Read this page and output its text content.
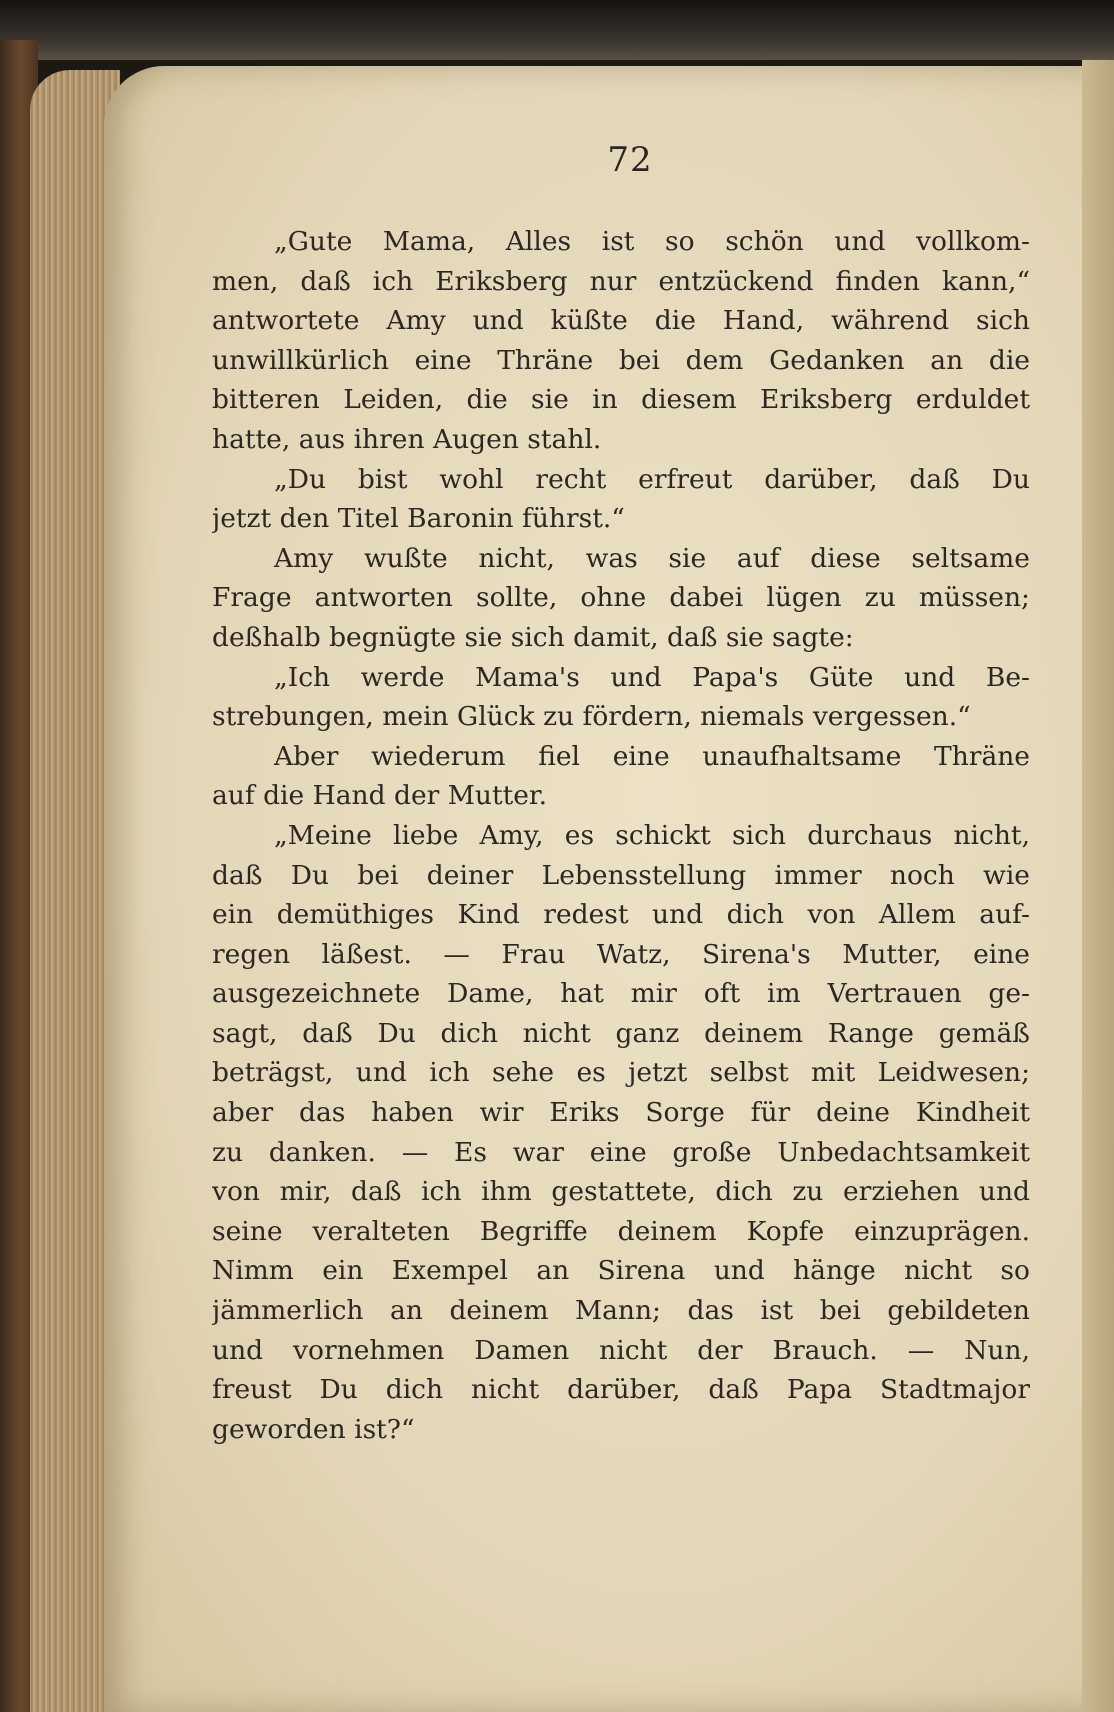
72
„Gute Mama, Alles ist so schön und vollkom-
men, daß ich Eriksberg nur entzückend finden kann,“
antwortete Amy und küßte die Hand, während sich
unwillkürlich eine Thräne bei dem Gedanken an die
bitteren Leiden, die sie in diesem Eriksberg erduldet
hatte, aus ihren Augen stahl.
„Du bist wohl recht erfreut darüber, daß Du
jetzt den Titel Baronin führst.“
Amy wußte nicht, was sie auf diese seltsame
Frage antworten sollte, ohne dabei lügen zu müssen;
deßhalb begnügte sie sich damit, daß sie sagte:
„Ich werde Mama's und Papa's Güte und Be-
strebungen, mein Glück zu fördern, niemals vergessen.“
Aber wiederum fiel eine unaufhaltsame Thräne
auf die Hand der Mutter.
„Meine liebe Amy, es schickt sich durchaus nicht,
daß Du bei deiner Lebensstellung immer noch wie
ein demüthiges Kind redest und dich von Allem auf-
regen läßest. — Frau Watz, Sirena's Mutter, eine
ausgezeichnete Dame, hat mir oft im Vertrauen ge-
sagt, daß Du dich nicht ganz deinem Range gemäß
beträgst, und ich sehe es jetzt selbst mit Leidwesen;
aber das haben wir Eriks Sorge für deine Kindheit
zu danken. — Es war eine große Unbedachtsamkeit
von mir, daß ich ihm gestattete, dich zu erziehen und
seine veralteten Begriffe deinem Kopfe einzuprägen.
Nimm ein Exempel an Sirena und hänge nicht so
jämmerlich an deinem Mann; das ist bei gebildeten
und vornehmen Damen nicht der Brauch. — Nun,
freust Du dich nicht darüber, daß Papa Stadtmajor
geworden ist?“
